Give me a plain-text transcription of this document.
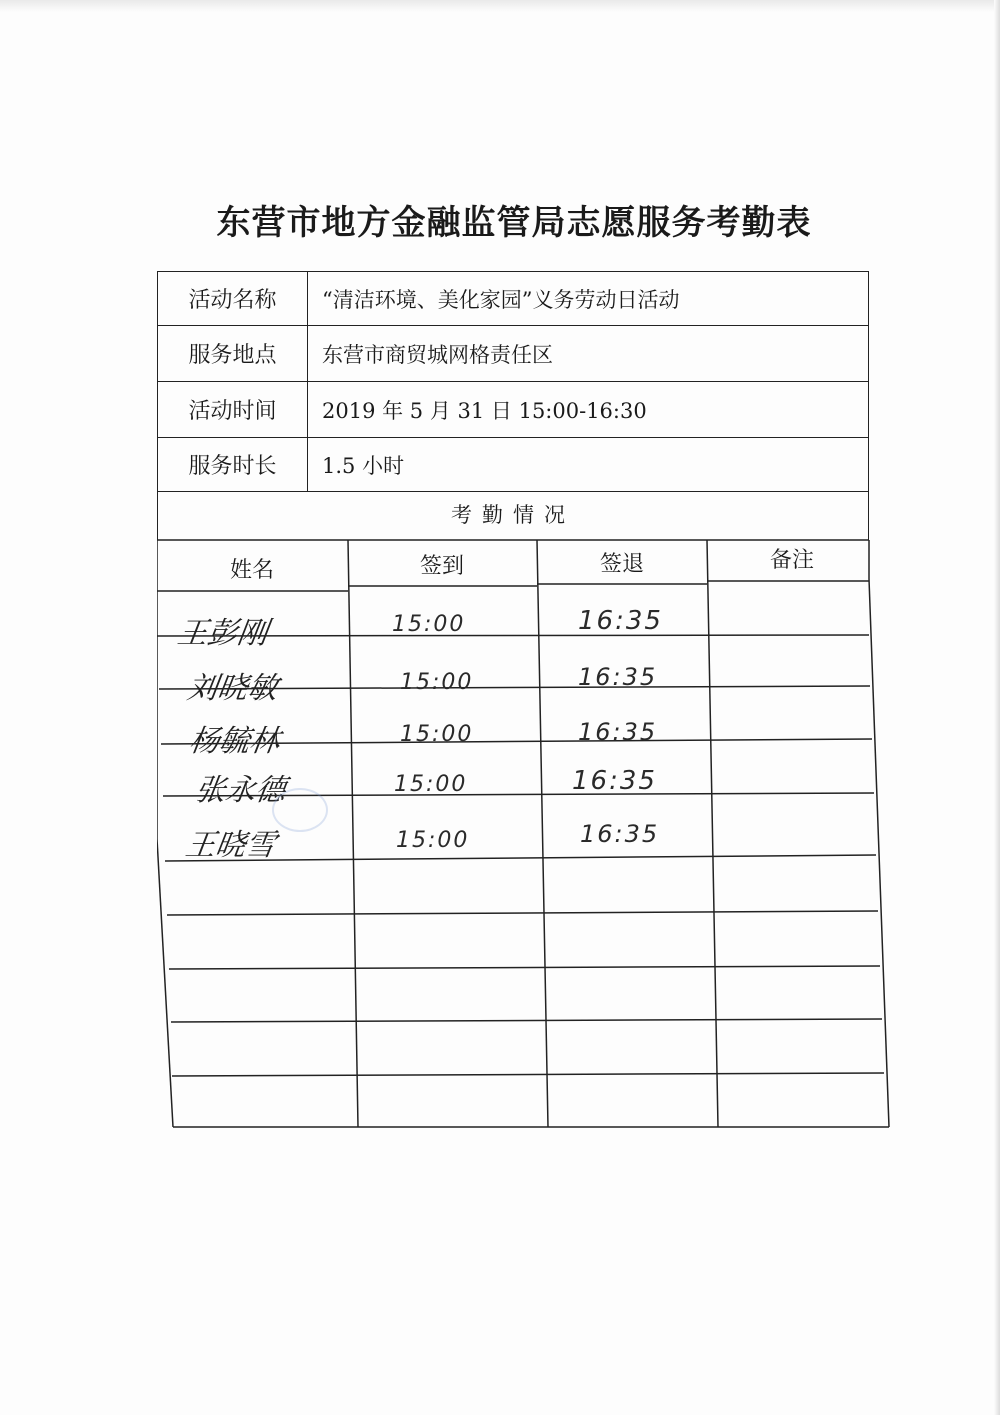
东营市地方金融监管局志愿服务考勤表
活动名称	“清洁环境、美化家园”义务劳动日活动
服务地点	东营市商贸城网格责任区
活动时间	2019 年 5 月 31 日 15:00-16:30
服务时长	1.5 小时
考勤情况
姓名	签到	签退	备注
王彭刚	15:00	16:35
刘晓敏	15:00	16:35
杨毓林	15:00	16:35
张永德	15:00	16:35
王晓雪	15:00	16:35
